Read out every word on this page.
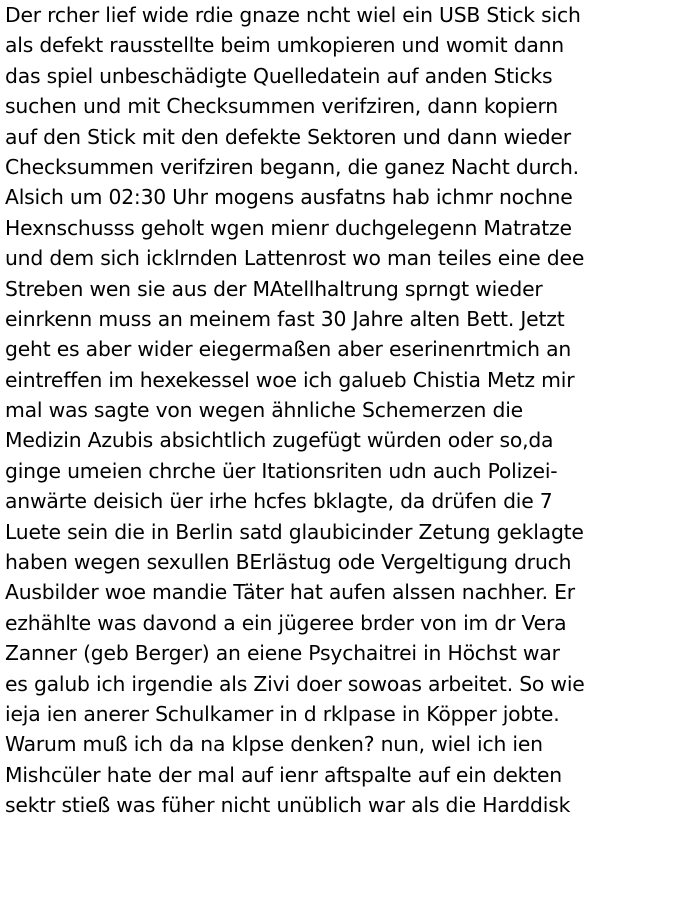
Der rcher lief wide rdie gnaze ncht wiel ein USB Stick sich
als defekt rausstellte beim umkopieren und womit dann
das spiel unbeschädigte Quelledatein auf anden Sticks
suchen und mit Checksummen verifziren, dann kopiern
auf den Stick mit den defekte Sektoren und dann wieder
Checksummen verifziren begann, die ganez Nacht durch.
Alsich um 02:30 Uhr mogens ausfatns hab ichmr nochne
Hexnschusss geholt wgen mienr duchgelegenn Matratze
und dem sich icklrnden Lattenrost wo man teiles eine dee
Streben wen sie aus der MAtellhaltrung sprngt wieder
einrkenn muss an meinem fast 30 Jahre alten Bett. Jetzt
geht es aber wider eiegermaßen aber eserinenrtmich an
eintreffen im hexekessel woe ich galueb Chistia Metz mir
mal was sagte von wegen ähnliche Schemerzen die
Medizin Azubis absichtlich zugefügt würden oder so,da
ginge umeien chrche üer Itationsriten udn auch Polizei-
anwärte deisich üer irhe hcfes bklagte, da drüfen die 7
Luete sein die in Berlin satd glaubicinder Zetung geklagte
haben wegen sexullen BErlästug ode Vergeltigung druch
Ausbilder woe mandie Täter hat aufen alssen nachher. Er
ezhählte was davond a ein jügeree brder von im dr Vera
Zanner (geb Berger) an eiene Psychaitrei in Höchst war
es galub ich irgendie als Zivi doer sowoas arbeitet. So wie
ieja ien anerer Schulkamer in d rklpase in Köpper jobte.
Warum muß ich da na klpse denken? nun, wiel ich ien
Mishcüler hate der mal auf ienr aftspalte auf ein dekten
sektr stieß was füher nicht unüblich war als die Harddisk
